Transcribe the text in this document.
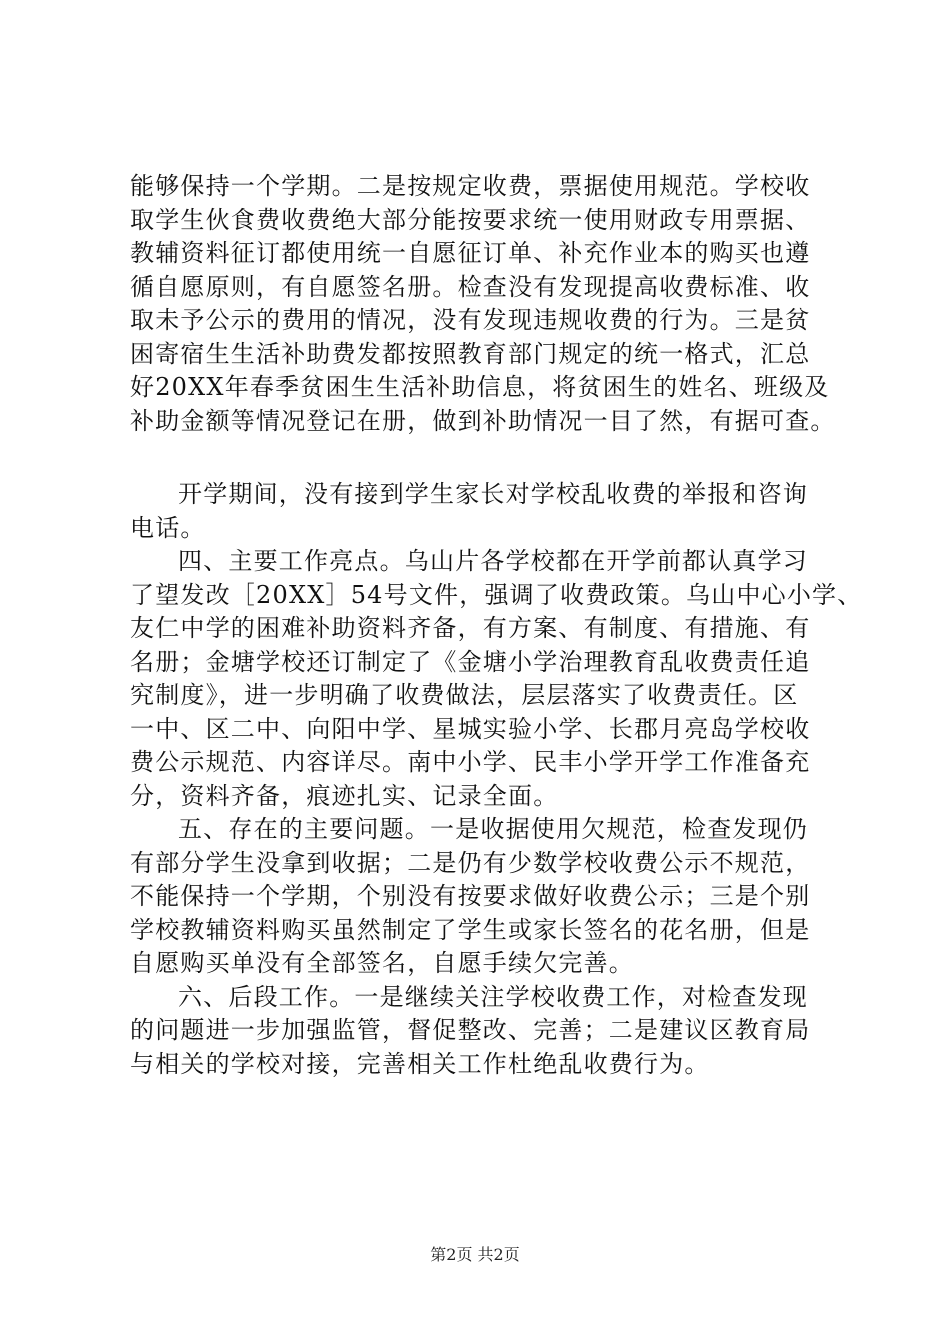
能够保持一个学期。二是按规定收费，票据使用规范。学校收
取学生伙食费收费绝大部分能按要求统一使用财政专用票据、
教辅资料征订都使用统一自愿征订单、补充作业本的购买也遵
循自愿原则，有自愿签名册。检查没有发现提高收费标准、收
取未予公示的费用的情况，没有发现违规收费的行为。三是贫
困寄宿生生活补助费发都按照教育部门规定的统一格式，汇总
好20XX年春季贫困生生活补助信息，将贫困生的姓名、班级及
补助金额等情况登记在册，做到补助情况一目了然，有据可查。
开学期间，没有接到学生家长对学校乱收费的举报和咨询
电话。
四、主要工作亮点。乌山片各学校都在开学前都认真学习
了望发改［20XX］54号文件，强调了收费政策。乌山中心小学、
友仁中学的困难补助资料齐备，有方案、有制度、有措施、有
名册；金塘学校还订制定了《金塘小学治理教育乱收费责任追
究制度》，进一步明确了收费做法，层层落实了收费责任。区
一中、区二中、向阳中学、星城实验小学、长郡月亮岛学校收
费公示规范、内容详尽。南中小学、民丰小学开学工作准备充
分，资料齐备，痕迹扎实、记录全面。
五、存在的主要问题。一是收据使用欠规范，检查发现仍
有部分学生没拿到收据；二是仍有少数学校收费公示不规范，
不能保持一个学期，个别没有按要求做好收费公示；三是个别
学校教辅资料购买虽然制定了学生或家长签名的花名册，但是
自愿购买单没有全部签名，自愿手续欠完善。
六、后段工作。一是继续关注学校收费工作，对检查发现
的问题进一步加强监管，督促整改、完善；二是建议区教育局
与相关的学校对接，完善相关工作杜绝乱收费行为。
第2页 共2页
